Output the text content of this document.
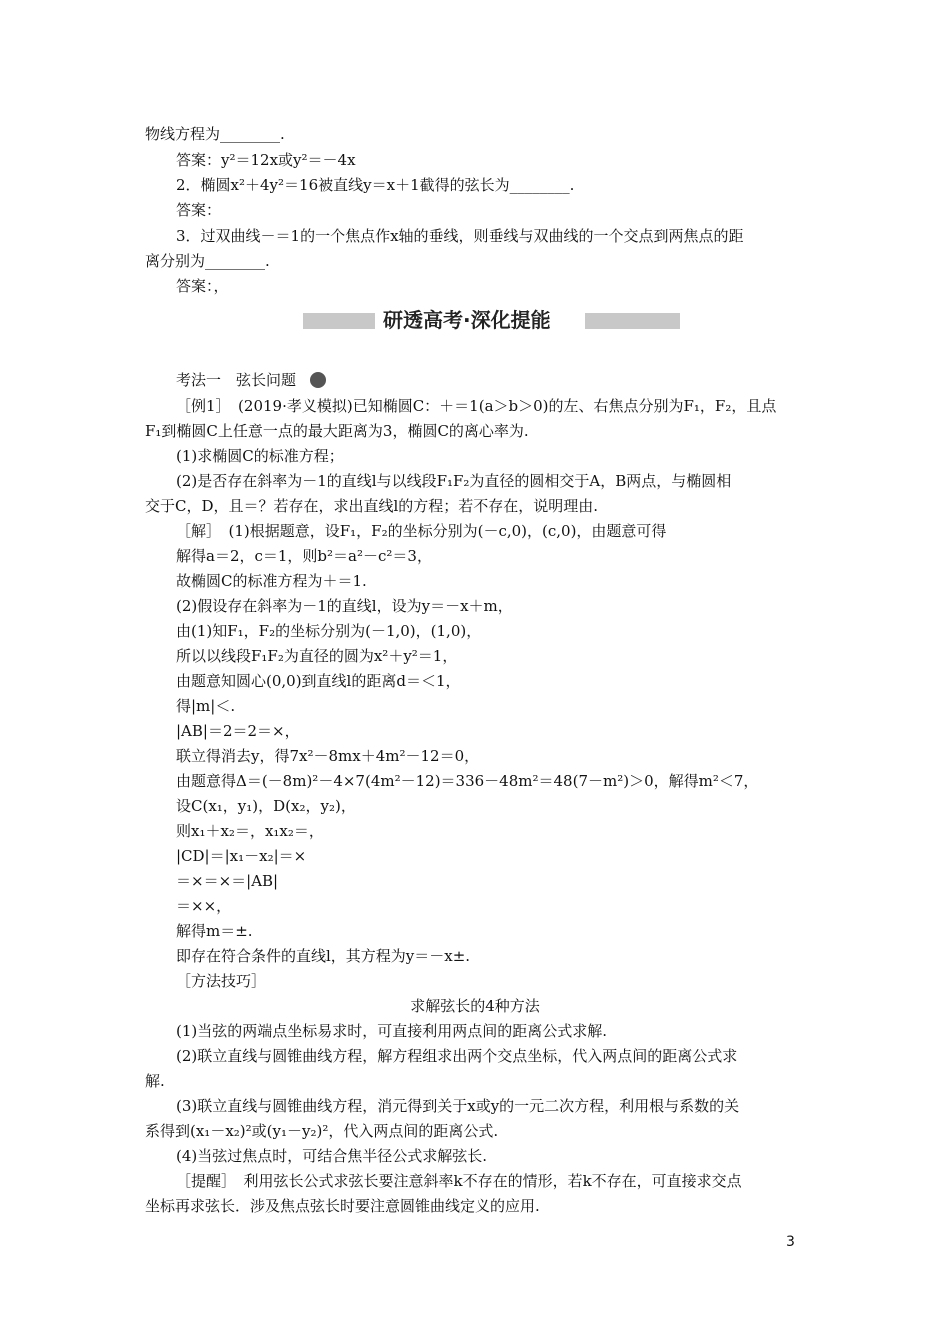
物线方程为________.
答案：y²＝12x或y²＝－4x
2．椭圆x²＋4y²＝16被直线y＝x＋1截得的弦长为________.
答案：
3．过双曲线－＝1的一个焦点作x轴的垂线，则垂线与双曲线的一个交点到两焦点的距
离分别为________.
答案：，
研透高考·深化提能
考法一　弦长问题
［例1］　(2019·孝义模拟)已知椭圆C：＋＝1(a＞b＞0)的左、右焦点分别为F₁，F₂，且点
F₁到椭圆C上任意一点的最大距离为3，椭圆C的离心率为.
(1)求椭圆C的标准方程；
(2)是否存在斜率为－1的直线l与以线段F₁F₂为直径的圆相交于A，B两点，与椭圆相
交于C，D，且＝？若存在，求出直线l的方程；若不存在，说明理由.
［解］　(1)根据题意，设F₁，F₂的坐标分别为(－c,0)，(c,0)，由题意可得
解得a＝2，c＝1，则b²＝a²－c²＝3，
故椭圆C的标准方程为＋＝1.
(2)假设存在斜率为－1的直线l，设为y＝－x＋m，
由(1)知F₁，F₂的坐标分别为(－1,0)，(1,0)，
所以以线段F₁F₂为直径的圆为x²＋y²＝1，
由题意知圆心(0,0)到直线l的距离d＝＜1，
得|m|＜.
|AB|＝2＝2＝×，
联立得消去y，得7x²－8mx＋4m²－12＝0，
由题意得Δ＝(－8m)²－4×7(4m²－12)＝336－48m²＝48(7－m²)＞0，解得m²＜7，
设C(x₁，y₁)，D(x₂，y₂)，
则x₁＋x₂＝，x₁x₂＝，
|CD|＝|x₁－x₂|＝×
＝×＝×＝|AB|
＝××，
解得m＝±.
即存在符合条件的直线l，其方程为y＝－x±.
［方法技巧］
求解弦长的4种方法
(1)当弦的两端点坐标易求时，可直接利用两点间的距离公式求解.
(2)联立直线与圆锥曲线方程，解方程组求出两个交点坐标，代入两点间的距离公式求
解.
(3)联立直线与圆锥曲线方程，消元得到关于x或y的一元二次方程，利用根与系数的关
系得到(x₁－x₂)²或(y₁－y₂)²，代入两点间的距离公式.
(4)当弦过焦点时，可结合焦半径公式求解弦长.
［提醒］　利用弦长公式求弦长要注意斜率k不存在的情形，若k不存在，可直接求交点
坐标再求弦长．涉及焦点弦长时要注意圆锥曲线定义的应用.
3
